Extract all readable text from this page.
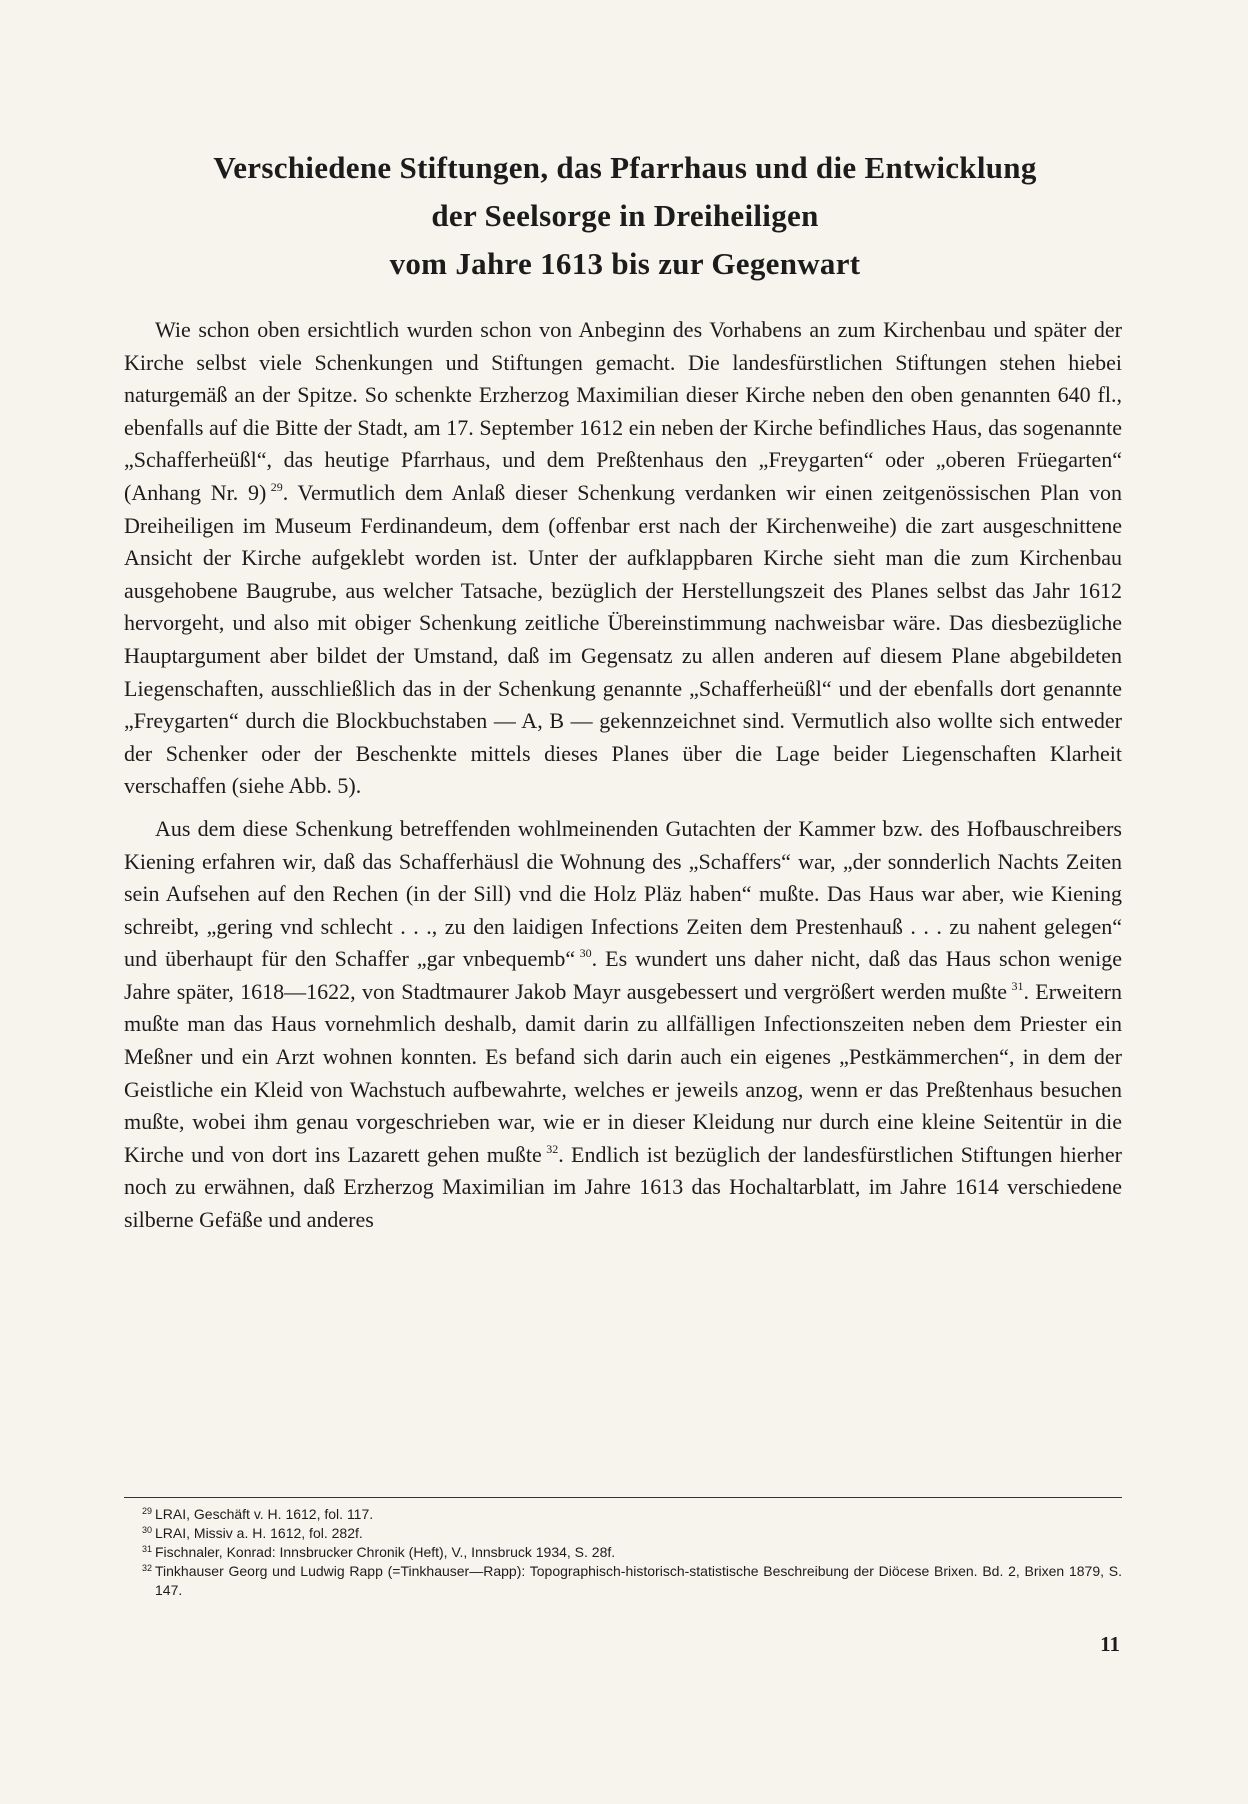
Verschiedene Stiftungen, das Pfarrhaus und die Entwicklung
der Seelsorge in Dreiheiligen
vom Jahre 1613 bis zur Gegenwart

Wie schon oben ersichtlich wurden schon von Anbeginn des Vorhabens an zum Kirchenbau und später der Kirche selbst viele Schenkungen und Stiftungen gemacht. Die landesfürstlichen Stiftungen stehen hiebei naturgemäß an der Spitze. So schenkte Erzherzog Maximilian dieser Kirche neben den oben genannten 640 fl., ebenfalls auf die Bitte der Stadt, am 17. September 1612 ein neben der Kirche befindliches Haus, das sogenannte „Schafferheüßl“, das heutige Pfarrhaus, und dem Preßtenhaus den „Freygarten“ oder „oberen Früegarten“ (Anhang Nr. 9)  $^{29}$. Vermutlich dem Anlaß dieser Schenkung verdanken wir einen zeitgenössischen Plan von Dreiheiligen im Museum Ferdinandeum, dem (offenbar erst nach der Kirchenweihe) die zart ausgeschnittene Ansicht der Kirche aufgeklebt worden ist. Unter der aufklappbaren Kirche sieht man die zum Kirchenbau ausgehobene Baugrube, aus welcher Tatsache, bezüglich der Herstellungszeit des Planes selbst das Jahr 1612 hervorgeht, und also mit obiger Schenkung zeitliche Übereinstimmung nachweisbar wäre. Das diesbezügliche Hauptargument aber bildet der Umstand, daß im Gegensatz zu allen anderen auf diesem Plane abgebildeten Liegenschaften, ausschließlich das in der Schenkung genannte „Schafferheüßl“ und der ebenfalls dort genannte „Freygarten“ durch die Blockbuchstaben — A, B — gekennzeichnet sind. Vermutlich also wollte sich entweder der Schenker oder der Beschenkte mittels dieses Planes über die Lage beider Liegenschaften Klarheit verschaffen (siehe Abb. 5).

Aus dem diese Schenkung betreffenden wohlmeinenden Gutachten der Kammer bzw. des Hofbauschreibers Kiening erfahren wir, daß das Schafferhäusl die Wohnung des „Schaffers“ war, „der sonnderlich Nachts Zeiten sein Aufsehen auf den Rechen (in der Sill) vnd die Holz Pläz haben“ mußte. Das Haus war aber, wie Kiening schreibt, „gering vnd schlecht . . ., zu den laidigen Infections Zeiten dem Prestenhauß . . . zu nahent gelegen“ und überhaupt für den Schaffer „gar vnbequemb“  $^{30}$. Es wundert uns daher nicht, daß das Haus schon wenige Jahre später, 1618—1622, von Stadtmaurer Jakob Mayr ausgebessert und vergrößert werden mußte  $^{31}$. Erweitern mußte man das Haus vornehmlich deshalb, damit darin zu allfälligen Infectionszeiten neben dem Priester ein Meßner und ein Arzt wohnen konnten. Es befand sich darin auch ein eigenes „Pestkämmerchen“, in dem der Geistliche ein Kleid von Wachstuch aufbewahrte, welches er jeweils anzog, wenn er das Preßtenhaus besuchen mußte, wobei ihm genau vorgeschrieben war, wie er in dieser Kleidung nur durch eine kleine Seitentür in die Kirche und von dort ins Lazarett gehen mußte  $^{32}$. Endlich ist bezüglich der landesfürstlichen Stiftungen hierher noch zu erwähnen, daß Erzherzog Maximilian im Jahre 1613 das Hochaltarblatt, im Jahre 1614 verschiedene silberne Gefäße und anderes

29 LRAI, Geschäft v. H. 1612, fol. 117.
30 LRAI, Missiv a. H. 1612, fol. 282f.
31 Fischnaler, Konrad: Innsbrucker Chronik (Heft), V., Innsbruck 1934, S. 28f.
32 Tinkhauser Georg und Ludwig Rapp (=Tinkhauser—Rapp): Topographisch-historisch-statistische Beschreibung der Diöcese Brixen. Bd. 2, Brixen 1879, S. 147.
11
